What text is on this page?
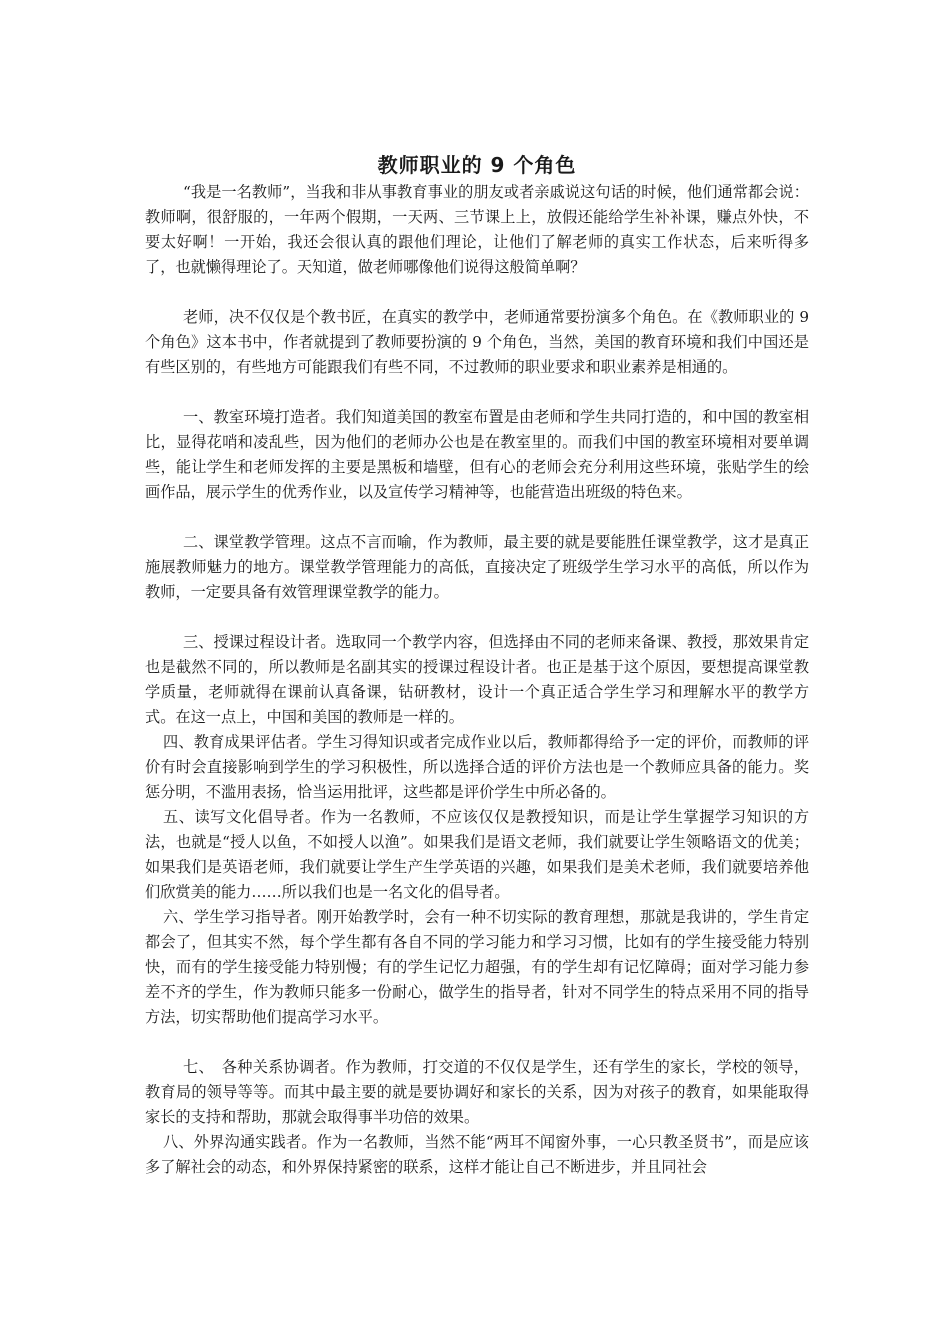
教师职业的 9 个角色

“我是一名教师”，当我和非从事教育事业的朋友或者亲戚说这句话的时候，他们通常都会说：教师啊，很舒服的，一年两个假期，一天两、三节课上上，放假还能给学生补补课，赚点外快，不要太好啊！一开始，我还会很认真的跟他们理论，让他们了解老师的真实工作状态，后来听得多了，也就懒得理论了。天知道，做老师哪像他们说得这般简单啊？

老师，决不仅仅是个教书匠，在真实的教学中，老师通常要扮演多个角色。在《教师职业的 9 个角色》这本书中，作者就提到了教师要扮演的 9 个角色，当然，美国的教育环境和我们中国还是有些区别的，有些地方可能跟我们有些不同，不过教师的职业要求和职业素养是相通的。

一、教室环境打造者。我们知道美国的教室布置是由老师和学生共同打造的，和中国的教室相比，显得花哨和凌乱些，因为他们的老师办公也是在教室里的。而我们中国的教室环境相对要单调些，能让学生和老师发挥的主要是黑板和墙壁，但有心的老师会充分利用这些环境，张贴学生的绘画作品，展示学生的优秀作业，以及宣传学习精神等，也能营造出班级的特色来。

二、课堂教学管理。这点不言而喻，作为教师，最主要的就是要能胜任课堂教学，这才是真正施展教师魅力的地方。课堂教学管理能力的高低，直接决定了班级学生学习水平的高低，所以作为教师，一定要具备有效管理课堂教学的能力。

三、授课过程设计者。选取同一个教学内容，但选择由不同的老师来备课、教授，那效果肯定也是截然不同的，所以教师是名副其实的授课过程设计者。也正是基于这个原因，要想提高课堂教学质量，老师就得在课前认真备课，钻研教材，设计一个真正适合学生学习和理解水平的教学方式。在这一点上，中国和美国的教师是一样的。

四、教育成果评估者。学生习得知识或者完成作业以后，教师都得给予一定的评价，而教师的评价有时会直接影响到学生的学习积极性，所以选择合适的评价方法也是一个教师应具备的能力。奖惩分明，不滥用表扬，恰当运用批评，这些都是评价学生中所必备的。

五、读写文化倡导者。作为一名教师，不应该仅仅是教授知识，而是让学生掌握学习知识的方法，也就是“授人以鱼，不如授人以渔”。如果我们是语文老师，我们就要让学生领略语文的优美；如果我们是英语老师，我们就要让学生产生学英语的兴趣，如果我们是美术老师，我们就要培养他们欣赏美的能力……所以我们也是一名文化的倡导者。

六、学生学习指导者。刚开始教学时，会有一种不切实际的教育理想，那就是我讲的，学生肯定都会了，但其实不然，每个学生都有各自不同的学习能力和学习习惯，比如有的学生接受能力特别快，而有的学生接受能力特别慢；有的学生记忆力超强，有的学生却有记忆障碍；面对学习能力参差不齐的学生，作为教师只能多一份耐心，做学生的指导者，针对不同学生的特点采用不同的指导方法，切实帮助他们提高学习水平。

七、　各种关系协调者。作为教师，打交道的不仅仅是学生，还有学生的家长，学校的领导，教育局的领导等等。而其中最主要的就是要协调好和家长的关系，因为对孩子的教育，如果能取得家长的支持和帮助，那就会取得事半功倍的效果。

八、外界沟通实践者。作为一名教师，当然不能“两耳不闻窗外事，一心只教圣贤书”，而是应该多了解社会的动态，和外界保持紧密的联系，这样才能让自己不断进步，并且同社会
